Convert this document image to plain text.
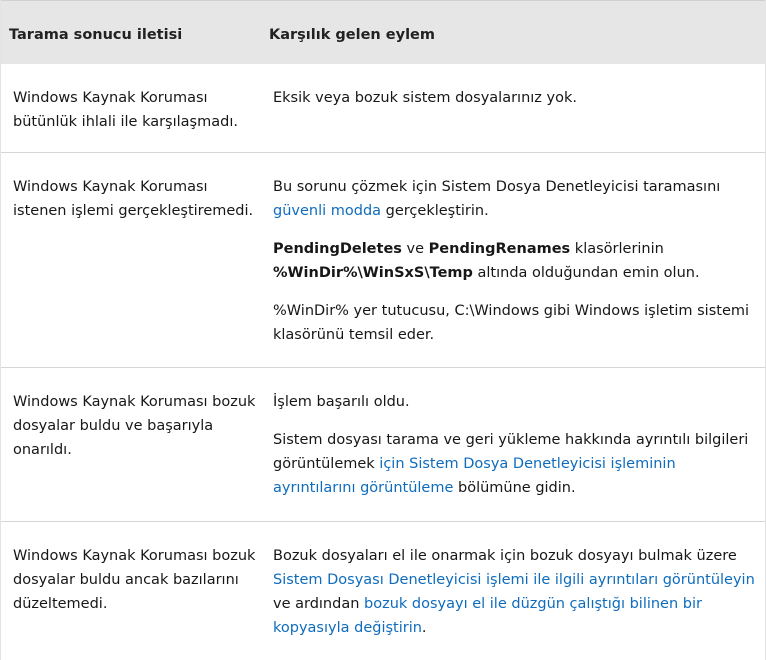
Tarama sonucu iletisi	Karşılık gelen eylem
Windows Kaynak Koruması bütünlük ihlali ile karşılaşmadı.

Eksik veya bozuk sistem dosyalarınız yok.

Windows Kaynak Koruması istenen işlemi gerçekleştiremedi.

Bu sorunu çözmek için Sistem Dosya Denetleyicisi taramasını güvenli modda gerçekleştirin.

PendingDeletes ve PendingRenames klasörlerinin %WinDir%\WinSxS\Temp altında olduğundan emin olun.

%WinDir% yer tutucusu, C:\Windows gibi Windows işletim sistemi klasörünü temsil eder.

Windows Kaynak Koruması bozuk dosyalar buldu ve başarıyla onarıldı.

İşlem başarılı oldu.

Sistem dosyası tarama ve geri yükleme hakkında ayrıntılı bilgileri görüntülemek için Sistem Dosya Denetleyicisi işleminin ayrıntılarını görüntüleme bölümüne gidin.

Windows Kaynak Koruması bozuk dosyalar buldu ancak bazılarını düzeltemedi.

Bozuk dosyaları el ile onarmak için bozuk dosyayı bulmak üzere Sistem Dosyası Denetleyicisi işlemi ile ilgili ayrıntıları görüntüleyin ve ardından bozuk dosyayı el ile düzgün çalıştığı bilinen bir kopyasıyla değiştirin.
